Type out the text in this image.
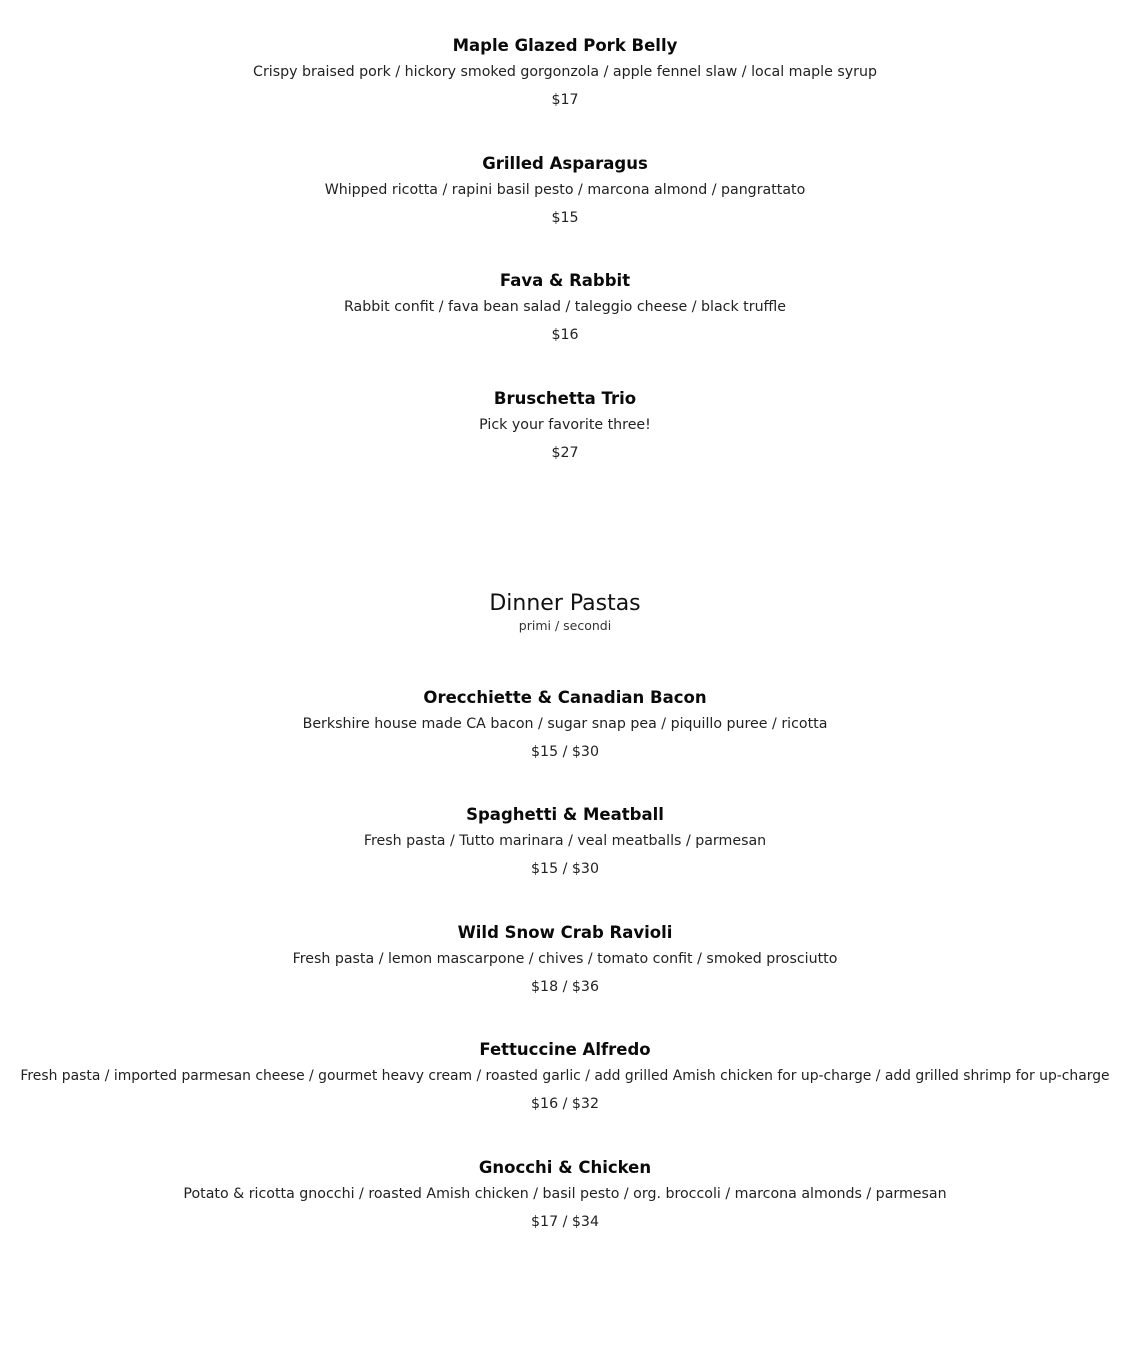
Maple Glazed Pork Belly
Crispy braised pork / hickory smoked gorgonzola / apple fennel slaw / local maple syrup
$17
Grilled Asparagus
Whipped ricotta / rapini basil pesto / marcona almond / pangrattato
$15
Fava & Rabbit
Rabbit confit / fava bean salad / taleggio cheese / black truffle
$16
Bruschetta Trio
Pick your favorite three!
$27
Dinner Pastas
primi / secondi
Orecchiette & Canadian Bacon
Berkshire house made CA bacon / sugar snap pea / piquillo puree / ricotta
$15 / $30
Spaghetti & Meatball
Fresh pasta / Tutto marinara / veal meatballs / parmesan
$15 / $30
Wild Snow Crab Ravioli
Fresh pasta / lemon mascarpone / chives / tomato confit / smoked prosciutto
$18 / $36
Fettuccine Alfredo
Fresh pasta / imported parmesan cheese / gourmet heavy cream / roasted garlic / add grilled Amish chicken for up-charge / add grilled shrimp for up-charge
$16 / $32
Gnocchi & Chicken
Potato & ricotta gnocchi / roasted Amish chicken / basil pesto / org. broccoli / marcona almonds / parmesan
$17 / $34
